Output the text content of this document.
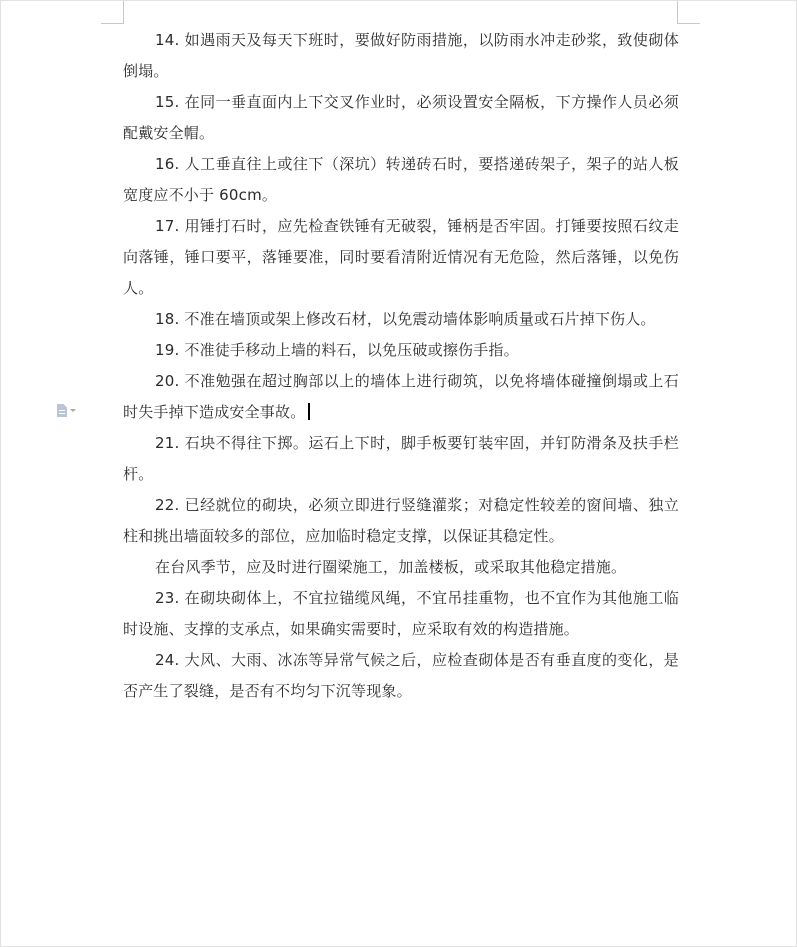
14. 如遇雨天及每天下班时，要做好防雨措施，以防雨水冲走砂浆，致使砌体倒塌。

15. 在同一垂直面内上下交叉作业时，必须设置安全隔板，下方操作人员必须配戴安全帽。

16. 人工垂直往上或往下（深坑）转递砖石时，要搭递砖架子，架子的站人板宽度应不小于 60cm。

17. 用锤打石时，应先检查铁锤有无破裂，锤柄是否牢固。打锤要按照石纹走向落锤，锤口要平，落锤要准，同时要看清附近情况有无危险，然后落锤，以免伤人。

18. 不准在墙顶或架上修改石材，以免震动墙体影响质量或石片掉下伤人。

19. 不准徒手移动上墙的料石，以免压破或擦伤手指。

20. 不准勉强在超过胸部以上的墙体上进行砌筑，以免将墙体碰撞倒塌或上石时失手掉下造成安全事故。

21. 石块不得往下掷。运石上下时，脚手板要钉装牢固，并钉防滑条及扶手栏杆。

22. 已经就位的砌块，必须立即进行竖缝灌浆；对稳定性较差的窗间墙、独立柱和挑出墙面较多的部位，应加临时稳定支撑，以保证其稳定性。

在台风季节，应及时进行圈梁施工，加盖楼板，或采取其他稳定措施。

23. 在砌块砌体上，不宜拉锚缆风绳，不宜吊挂重物，也不宜作为其他施工临时设施、支撑的支承点，如果确实需要时，应采取有效的构造措施。

24. 大风、大雨、冰冻等异常气候之后，应检查砌体是否有垂直度的变化，是否产生了裂缝，是否有不均匀下沉等现象。
